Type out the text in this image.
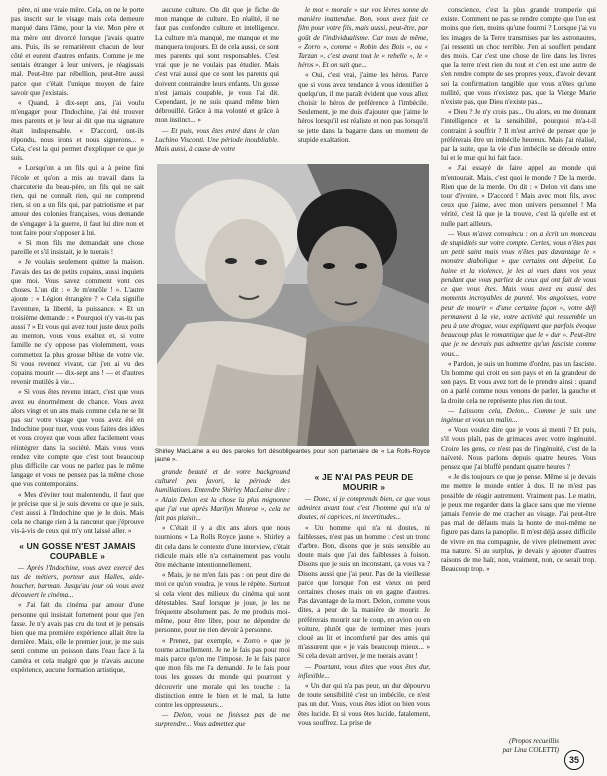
père, ni une vraie mère. Cela, on ne le porte pas inscrit sur le visage mais cela demeure marqué dans l'âme, pour la vie. Mon père et ma mère ont divorcé lorsque j'avais quatre ans. Puis, ils se remarièrent chacun de leur côté et eurent d'autres enfants. Comme je me sentais étranger à leur univers, je réagissais mal. Peut-être par rébellion, peut-être aussi parce que c'était l'unique moyen de faire savoir que j'existais.

« Quand, à dix-sept ans, j'ai voulu m'engager pour l'Indochine, j'ai été trouver mes parents et je leur ai dit que ma signature était indispensable. « D'accord, ont-ils répondu, nous irons et nous signerons... » Cela, c'est la qui permet d'expliquer ce que je suis.

« Lorsqu'on a un fils qui a à peine fini l'école et qu'on a mis au travail dans la charcuterie du beau-père, un fils qui ne sait rien, qui ne connaît rien, qui ne comprend rien, si on a un fils qui, par patriotisme et par amour des colonies françaises, vous demande de s'engager à la guerre, il faut lui dire non et tout faire pour s'opposer à lui.

« Si mon fils me demandait une chose pareille et s'il insistait, je le tuerais !

« Je voulais seulement quitter la maison. J'avais des tas de petits copains, aussi inquiets que moi. Vous savez comment vont ces choses. L'un dit : « Je m'enrôle ! ». L'autre ajoute : « Légion étrangère ? » Cela signifie l'aventure, la liberté, la puissance. » Et un troisième demande : « Pourquoi n'y vas-tu pas aussi ? » Et vous qui avez tout juste deux poils au menton, vous vous exaltez et, si votre famille ne s'y oppose pas violemment, vous commettez la plus grosse bêtise de votre vie. Si vous revenez vivant, car j'en ai vu des copains mourir — dix-sept ans ! — et d'autres revenir mutilés à vie...

« Si vous êtes revenu intact, c'est que vous avez eu énormément de chance. Vous avez alors vingt et un ans mais comme cela ne se lit pas sur votre visage que vous avez été en Indochine pour tuer, vous vous faites des idées et vous croyez que vous allez facilement vous réintégrer dans la société. Mais vous vous rendez vite compte que c'est tout beaucoup plus difficile car vous ne parlez pas le même langage et vous ne pensez pas la même chose que vos contemporains.

« Mes d'éviter tout malentendu, il faut que je précise que si je suis devenu ce que je suis, c'est aussi à l'Indochine que je le dois. Mais cela ne change rien à la rancœur que j'éprouve vis-à-vis de ceux qui m'y ont laissé aller. »

« UN GOSSE N'EST JAMAIS COUPABLE »

— Après l'Indochine, vous avez exercé des tas de métiers, porteur aux Halles, aide-boucher, barman. Jusqu'au jour où vous avez découvert le cinéma...

« J'ai fait du cinéma par amour d'une personne qui insistait fortement pour que j'en fasse. Je n'y avais pas cru du tout et je pensais bien que ma première expérience allait être la dernière. Mais, elle le premier jour, je me suis senti comme un poisson dans l'eau face à la caméra et cela malgré que je n'avais aucune expérience, aucune formation artistique,

aucune culture. On dit que je fiche de mon manque de culture. En réalité, il ne faut pas confondre culture et intelligence. La culture m'a manqué, me manque et me manquera toujours. Et de cela aussi, ce sont mes parents qui sont responsables. C'est vrai que je ne voulais pas étudier. Mais c'est vrai aussi que ce sont les parents qui doivent contraindre leurs enfants. Un gosse n'est jamais coupable, je vous l'ai dit. Cependant, je ne suis quand même bien débrouillé. Grâce à ma volonté et grâce à mon instinct... »

— Et puis, vous êtes entré dans le clan Luchino Visconti. Une période inoubliable. Mais aussi, à cause de votre

le mot « morale » sur vos lèvres sonne de manière inattendue. Bon, vous avez fait ce film pour votre fils, mais aussi, peut-être, par goût de l'individualisme. Car tous de même, « Zorro », comme « Robin des Bois », ou « Tarzan », c'est avant tout le « rebelle », le « héros ». Et on sait que...

« Oui, c'est vrai, j'aime les héros. Parce que si vous avez tendance à vous identifier à quelqu'un, il me paraît évident que vous allez choisir le héros de préférence à l'imbécile. Seulement, je me dois d'ajouter que j'aime le héros lorsqu'il est réaliste et non pas lorsqu'il se jette dans la bagarre dans un moment de stupide exaltation.

Shirley MacLaine a eu des paroles fort désobligeantes pour son partenaire de « La Rolls-Royce jaune ».

grande beauté et de votre background culturel peu favori, la période des humiliations. Entendre Shirley MacLaine dire : « Alain Delon est la chose la plus mignonne que j'ai vue après Marilyn Monroe », cela ne fait pas plaisir...

« C'était il y a dix ans alors que nous tournions « La Rolls Royce jaune ». Shirley a dit cela dans le contexte d'une interview, c'était ridicule mais elle n'a certainement pas voulu être méchante intentionnellement.

« Mais, je ne m'en fais pas : on peut dire de moi ce qu'on voudra, je vous le répète. Surtout si cela vient des milieux du cinéma qui sont détestables. Sauf lorsque je joue, je les ne fréquente absolument pas. Je me produis moi-même, pour être libre, pour ne dépendre de personne, pour ne rien devoir à personne.

« Prenez, par exemple, « Zorro » que je tourne actuellement. Je ne le fais pas pour moi mais parce qu'on me l'impose. Je le fais parce que mon fils me l'a demandé. Je le fais pour tous les gosses du monde qui pourront y découvrir une morale qui les touche : la distinction entre le bien et le mal, la lutte contre les oppresseurs...

— Delon, vous ne finissez pas de me surprendre... Vous admettez que

« JE N'AI PAS PEUR DE MOURIR »

— Donc, si je comprends bien, ce que vous admirez avant tout c'est l'homme qui n'a ni doutes, ni caprices, ni incertitudes...

« Un homme qui n'a ni doutes, ni faiblesses, n'est pas un homme : c'est un tronc d'arbre. Bon, disons que je suis sensible au doute mais que j'ai des faiblesses à foison. Disons que je suis un inconstant, ça vous va ? Disons aussi que j'ai peur. Pas de la vieillesse parce que lorsque l'on est vieux on perd certaines choses mais on en gagne d'autres. Pas davantage de la mort. Delon, comme vous dites, a peur de la manière de mourir. Je préférerais mourir sur le coup, en avion ou en voiture, plutôt que de terminer mes jours cloué au lit et incomforté par des amis qui m'assurent que « je vais beaucoup mieux... » Si cela devait arriver, je me tuerais avant !

— Pourtant, vous dites que vous êtes dur, inflexible...

« Un dur qui n'a pas peur, un dur dépourvu de toute sensibilité c'est un imbécile, ce n'est pas un dur. Vous, vous êtes idiot ou bien vous êtes lucide. Et si vous êtes lucide, fatalement, vous souffrez. La prise de

conscience, c'est la plus grande tromperie qui existe. Comment ne pas se rendre compte que l'on est moins que rien, moins qu'une fourmi ? Lorsque j'ai vu les images de la Terre transmises par les astronautes, j'ai ressenti un choc terrible. J'en ai souffert pendant des mois. Car c'est une chose de lire dans les livres que la terre n'est rien du tout et c'en est une autre de s'en rendre compte de ses propres yeux, d'avoir devant soi la confirmation tangible que vous n'êtes qu'une nullité, que vous n'existez pas, que la Vierge Marie n'existe pas, que Dieu n'existe pas...

« Dieu ? Je n'y crois pas... Ou alors, en me donnant l'intelligence et la sensibilité, pourquoi m'a-t-il contraint à souffrir ? Il m'est arrivé de penser que je préférerais être un imbécile heureux. Mais j'ai réalisé, par la suite, que la vie d'un imbécile se déroule entre lui et le mur qui lui fait face.

« J'ai essayé de faire appel au monde qui m'entourait. Mais, c'est quoi le monde ? De la merde. Rien que de la merde. On dit : « Delon vit dans une tour d'ivoire. » D'accord ! Mais avec mon fils, avec ceux que j'aime, avec mon univers personnel ! Ma vérité, c'est là que je la trouve, c'est là qu'elle est et nulle part ailleurs.

— Vous m'avez convaincu : on a écrit un monceau de stupidités sur votre compte. Certes, vous n'êtes pas un petit saint mais vous n'êtes pas davantage le « monstre diabolique » que certains ont dépeint. La haine et la violence, je les ai vues dans vos yeux pendant que vous parliez de ceux qui ont fait de vous ce que vous êtes. Mais vous avez eu aussi des moments incroyables de pureté. Vos angoisses, votre peur de mourir « d'une certaine façon », votre défi permanent à la vie, votre activité qui ressemble un peu à une drogue, vous expliquent que parfois évoque beaucoup plus le romantique que le « dur ». Peut-être que je ne devrais pas admettre qu'un fasciste comme vous...

« Pardon, je suis un homme d'ordre, pas un fasciste. Un homme qui croit en son pays et en la grandeur de son pays. Et vous avez tort de le prendre ainsi : quand on a parlé comme nous venons de parler, la gauche et la droite cela ne représente plus rien du tout.

— Laissons cela, Delon... Comme je suis une ingénue et vous un malin...

« Vous voulez dire que je vous ai menti ? Et puis, s'il vous plaît, pas de grimaces avec votre ingénuité. Croire les gens, ce n'est pas de l'ingénuité, c'est de la naïveté. Nous parlons depuis quatre heures. Vous pensez que j'ai bluffé pendant quatre heures ?

« Je dis toujours ce que je pense. Même si je devais me mettre le monde entier à dos. Il ne m'est pas possible de réagir autrement. Vraiment pas. Le matin, je peux me regarder dans la glace sans que me vienne jamais l'envie de me cracher au visage. J'ai peut-être pas mal de défauts mais la honte de moi-même ne figure pas dans la panoplie. Il m'est déjà assez difficile de vivre en ma compagnie, de vivre pleinement avec ma nature. Si au surplus, je devais y ajouter d'autres raisons de me haïr, non, vraiment, non, ce serait trop. Beaucoup trop. »

(Propos recueillis
par Lina COLETTI)
35
